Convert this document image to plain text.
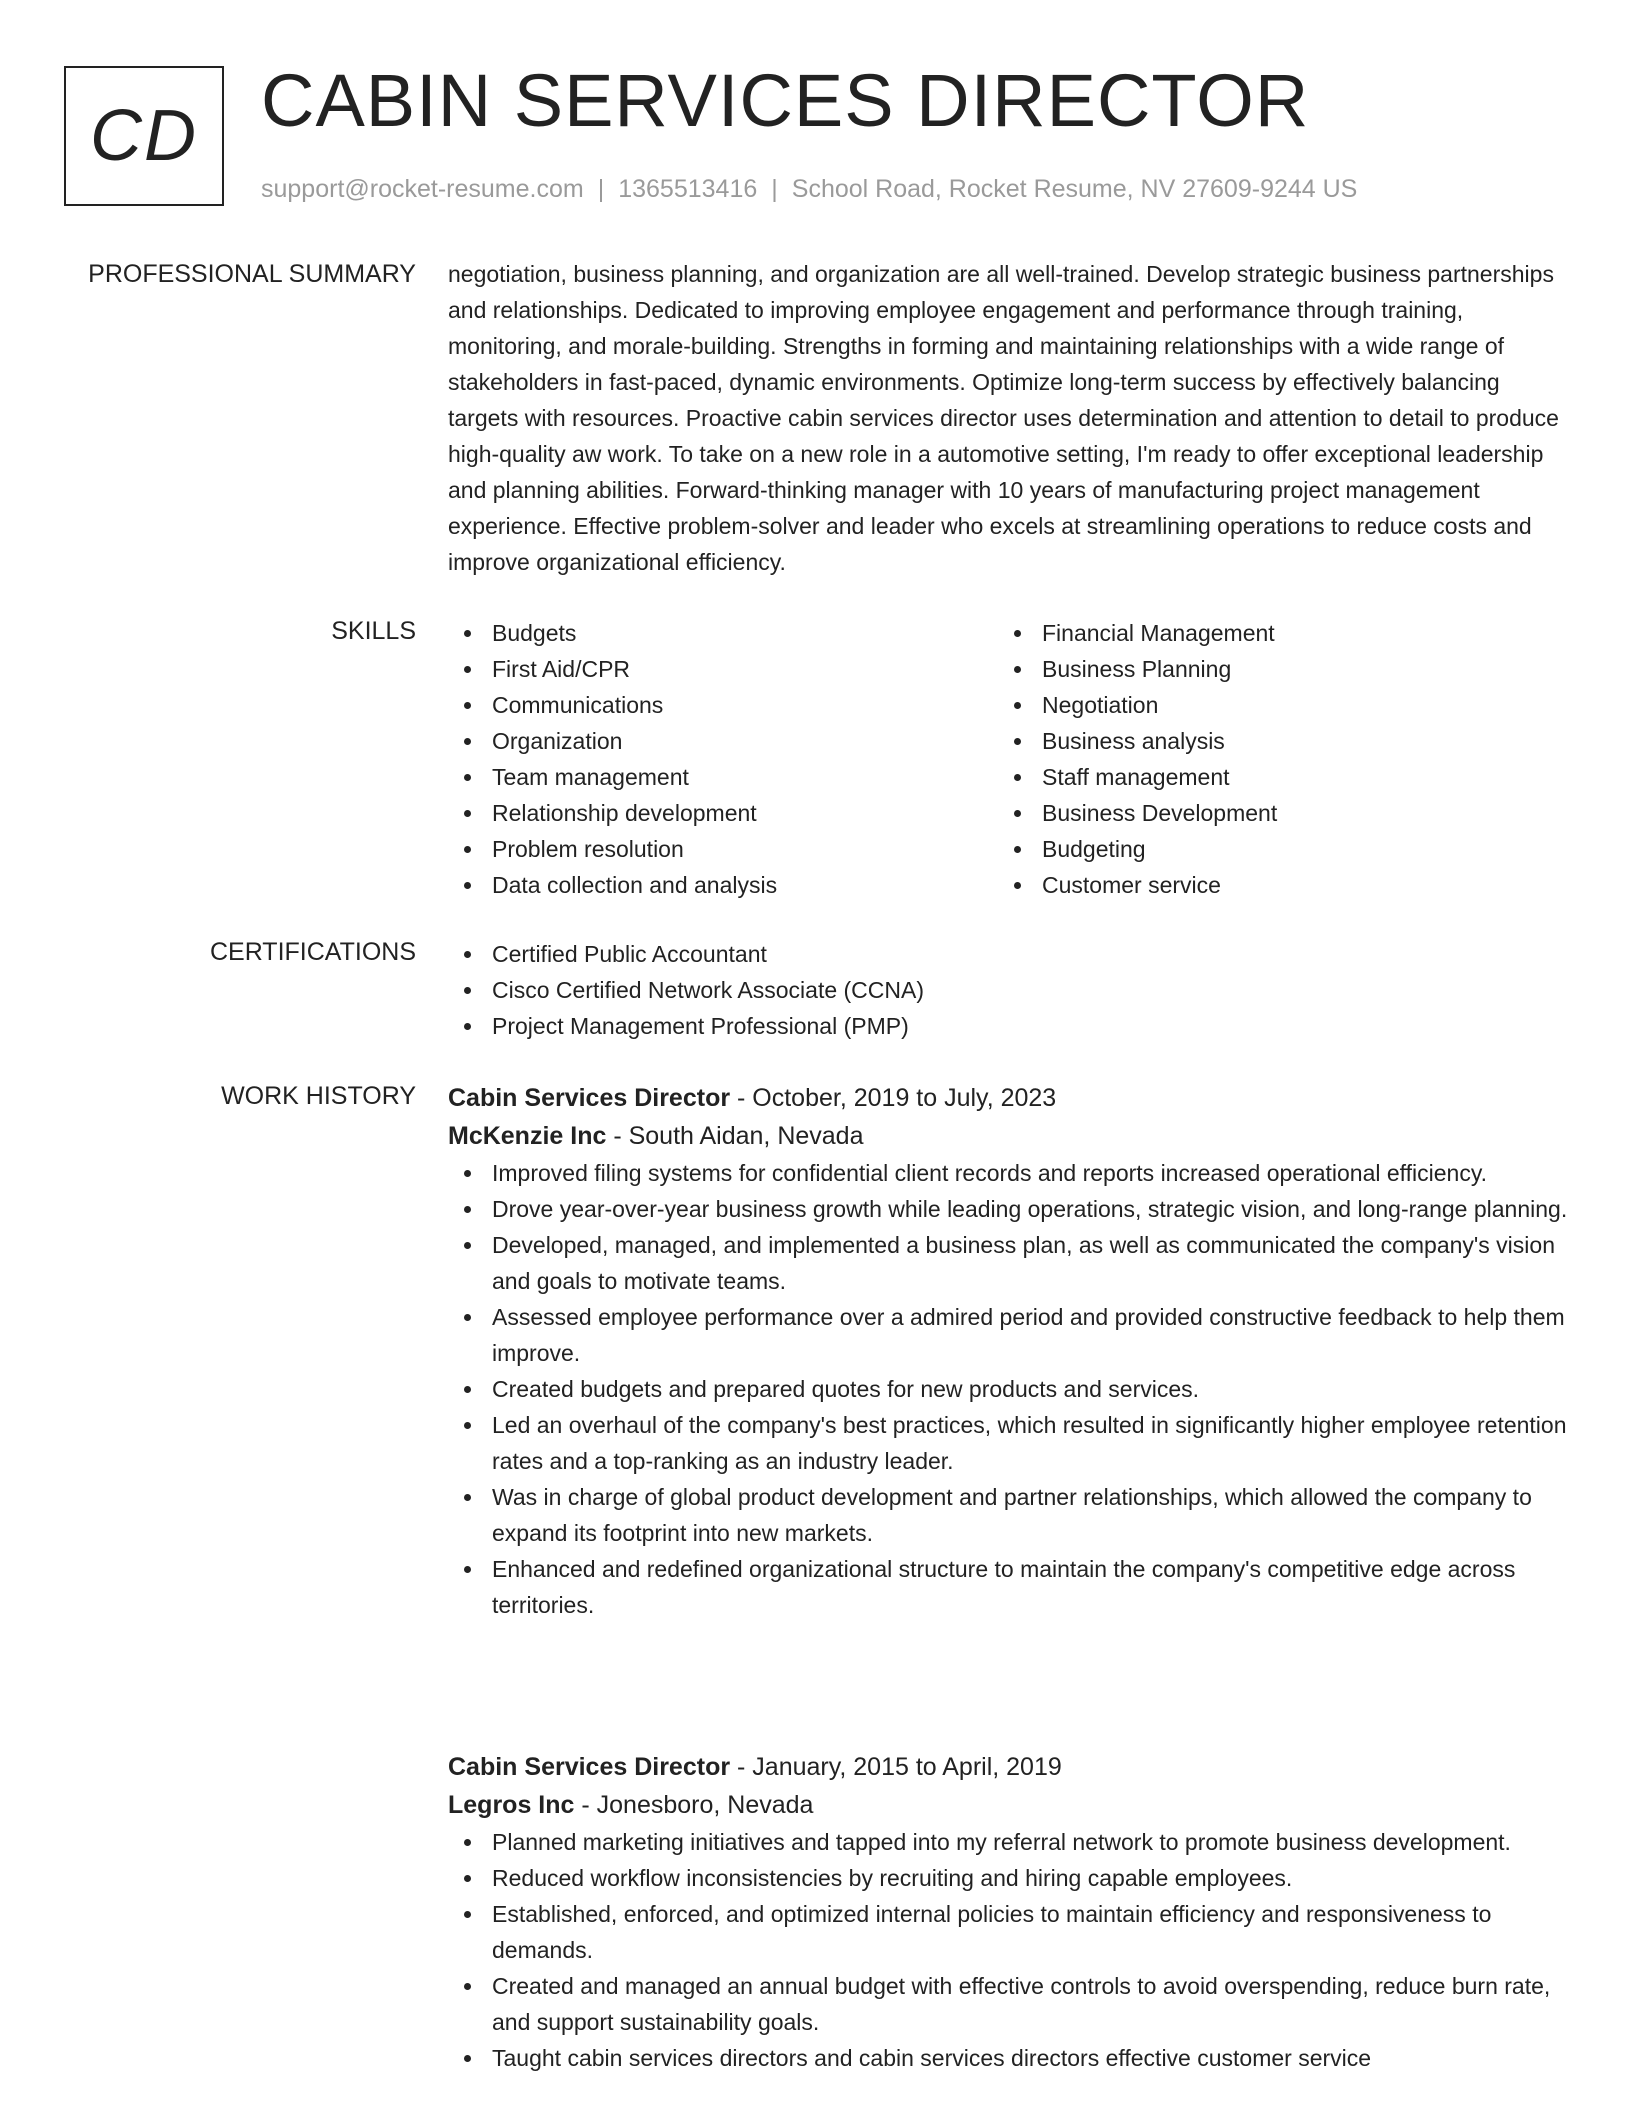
CD CABIN SERVICES DIRECTOR
support@rocket-resume.com | 1365513416 | School Road, Rocket Resume, NV 27609-9244 US
PROFESSIONAL SUMMARY negotiation, business planning, and organization are all well-trained. Develop strategic business partnerships and relationships. Dedicated to improving employee engagement and performance through training, monitoring, and morale-building. Strengths in forming and maintaining relationships with a wide range of stakeholders in fast-paced, dynamic environments. Optimize long-term success by effectively balancing targets with resources. Proactive cabin services director uses determination and attention to detail to produce high-quality aw work. To take on a new role in a automotive setting, I'm ready to offer exceptional leadership and planning abilities. Forward-thinking manager with 10 years of manufacturing project management experience. Effective problem-solver and leader who excels at streamlining operations to reduce costs and improve organizational efficiency.

SKILLS	Budgets
First Aid/CPR
Communications
Organization
Team management
Relationship development
Problem resolution
Data collection and analysis
Financial Management
Business Planning
Negotiation
Business analysis
Staff management
Business Development
Budgeting
Customer service
CERTIFICATIONS	Certified Public Accountant
Cisco Certified Network Associate (CCNA)
Project Management Professional (PMP)
WORK HISTORY Cabin Services Director - October, 2019 to July, 2023
McKenzie Inc - South Aidan, Nevada
Improved filing systems for confidential client records and reports increased operational efficiency.
Drove year-over-year business growth while leading operations, strategic vision, and long-range planning.
Developed, managed, and implemented a business plan, as well as communicated the company's vision and goals to motivate teams.
Assessed employee performance over a admired period and provided constructive feedback to help them improve.
Created budgets and prepared quotes for new products and services.
Led an overhaul of the company's best practices, which resulted in significantly higher employee retention rates and a top-ranking as an industry leader.
Was in charge of global product development and partner relationships, which allowed the company to expand its footprint into new markets.
Enhanced and redefined organizational structure to maintain the company's competitive edge across territories.
Cabin Services Director - January, 2015 to April, 2019
Legros Inc - Jonesboro, Nevada
Planned marketing initiatives and tapped into my referral network to promote business development.
Reduced workflow inconsistencies by recruiting and hiring capable employees.
Established, enforced, and optimized internal policies to maintain efficiency and responsiveness to demands.
Created and managed an annual budget with effective controls to avoid overspending, reduce burn rate, and support sustainability goals.
Taught cabin services directors and cabin services directors effective customer service
